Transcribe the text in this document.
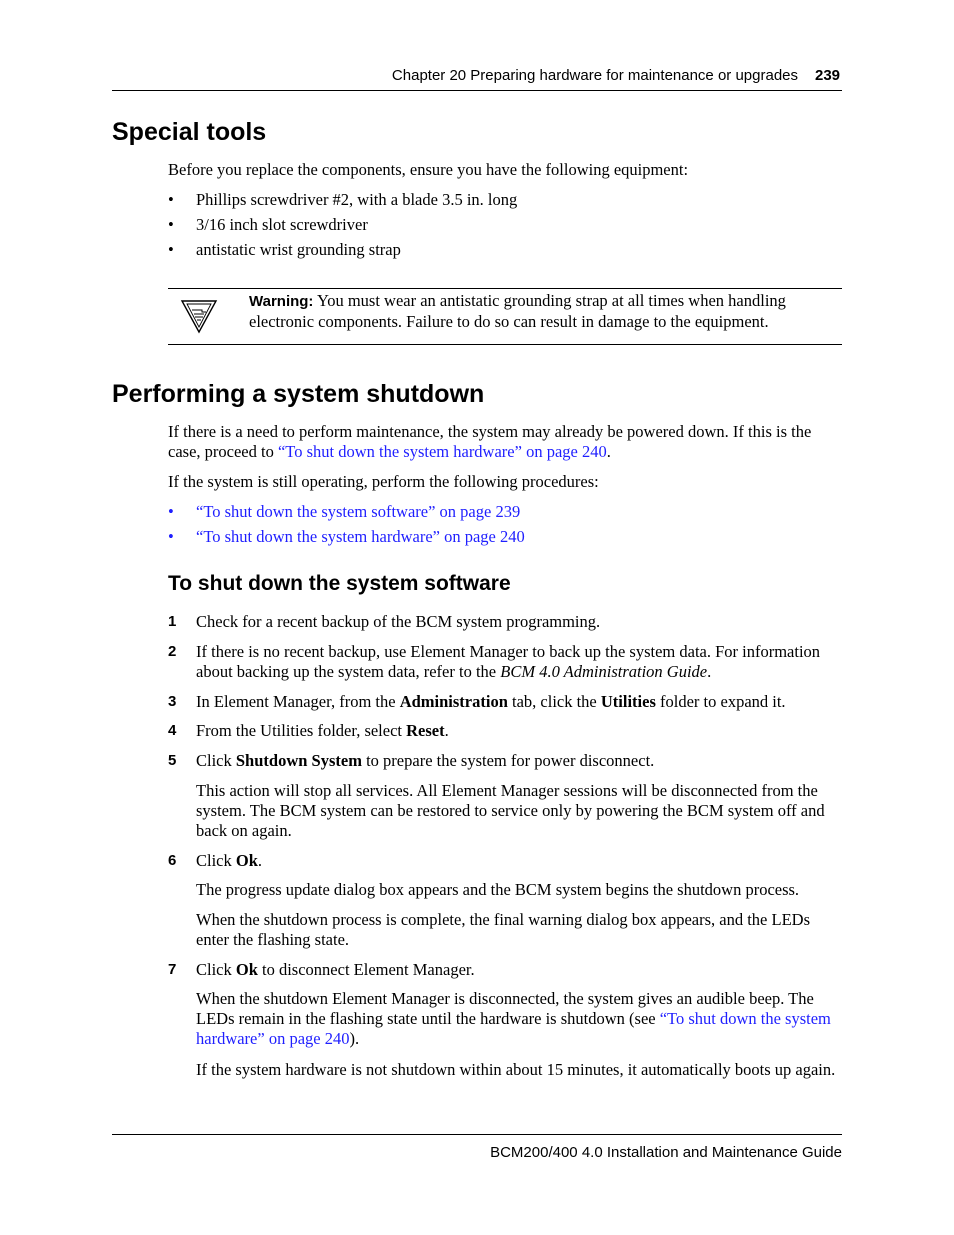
Chapter 20 Preparing hardware for maintenance or upgrades 239
Special tools
Before you replace the components, ensure you have the following equipment:
• Phillips screwdriver #2, with a blade 3.5 in. long
• 3/16 inch slot screwdriver
• antistatic wrist grounding strap
Warning: You must wear an antistatic grounding strap at all times when handling electronic components. Failure to do so can result in damage to the equipment.
Performing a system shutdown
If there is a need to perform maintenance, the system may already be powered down. If this is the case, proceed to “To shut down the system hardware” on page 240.
If the system is still operating, perform the following procedures:
• “To shut down the system software” on page 239
• “To shut down the system hardware” on page 240
To shut down the system software
1 Check for a recent backup of the BCM system programming.
2 If there is no recent backup, use Element Manager to back up the system data. For information about backing up the system data, refer to the BCM 4.0 Administration Guide.
3 In Element Manager, from the Administration tab, click the Utilities folder to expand it.
4 From the Utilities folder, select Reset.
5 Click Shutdown System to prepare the system for power disconnect.
This action will stop all services. All Element Manager sessions will be disconnected from the system. The BCM system can be restored to service only by powering the BCM system off and back on again.
6 Click Ok.
The progress update dialog box appears and the BCM system begins the shutdown process.
When the shutdown process is complete, the final warning dialog box appears, and the LEDs enter the flashing state.
7 Click Ok to disconnect Element Manager.
When the shutdown Element Manager is disconnected, the system gives an audible beep. The LEDs remain in the flashing state until the hardware is shutdown (see “To shut down the system hardware” on page 240).
If the system hardware is not shutdown within about 15 minutes, it automatically boots up again.
BCM200/400 4.0 Installation and Maintenance Guide
